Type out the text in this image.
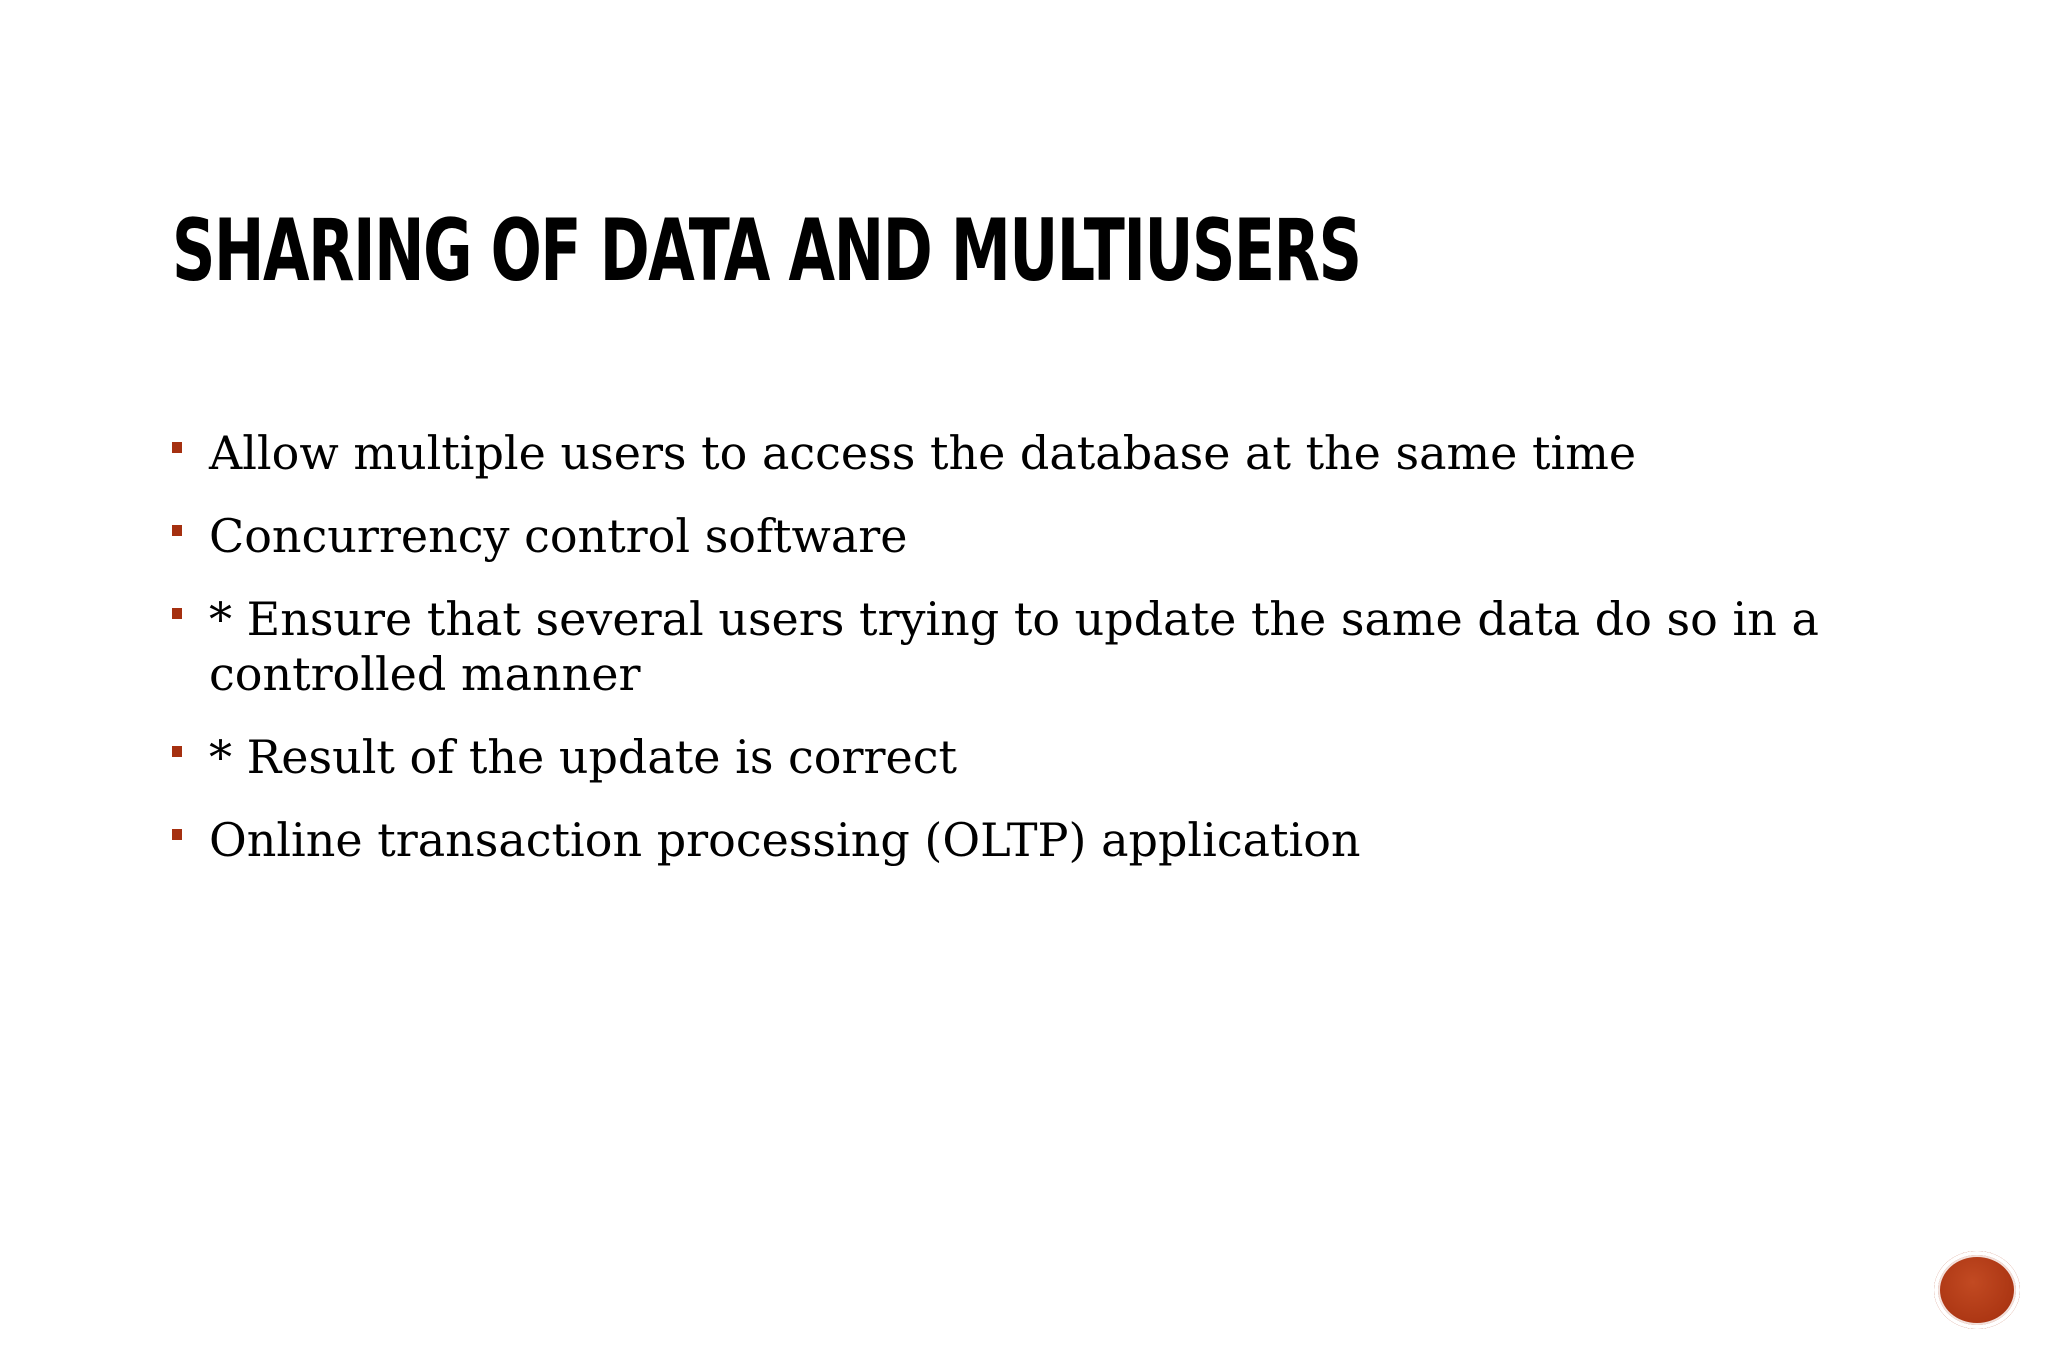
SHARING OF DATA AND MULTIUSERS
Allow multiple users to access the database at the same time
Concurrency control software
* Ensure that several users trying to update the same data do so in a controlled manner
* Result of the update is correct
Online transaction processing (OLTP) application
